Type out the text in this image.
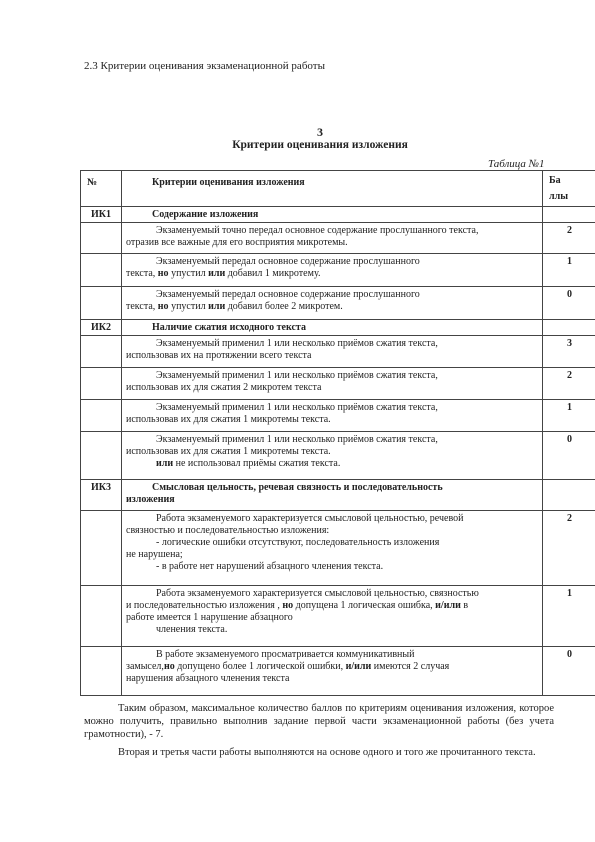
2.3 Критерии оценивания экзаменационной работы
3
Критерии оценивания изложения
Таблица №1
№	Критерии оценивания изложения	Ба
ллы
ИК1	Содержание изложения
Экзаменуемый точно передал основное содержание прослушанного текста,
отразив все важные для его восприятия микротемы.
2
Экзаменуемый передал основное содержание прослушанного
текста, но упустил или добавил 1 микротему.
1
Экзаменуемый передал основное содержание прослушанного
текста, но упустил или добавил более 2 микротем.
0
ИК2	Наличие сжатия исходного текста
Экзаменуемый применил 1 или несколько приёмов сжатия текста,
использовав их на протяжении всего текста
3
Экзаменуемый применил 1 или несколько приёмов сжатия текста,
использовав их для сжатия 2 микротем текста
2
Экзаменуемый применил 1 или несколько приёмов сжатия текста,
использовав их для сжатия 1 микротемы текста.
1
Экзаменуемый применил 1 или несколько приёмов сжатия текста,
использовав их для сжатия 1 микротемы текста.
или не использовал приёмы сжатия текста.
0
ИК3	Смысловая цельность, речевая связность и последовательность
изложения
Работа экзаменуемого характеризуется смысловой цельностью, речевой
связностью и последовательностью изложения:
- логические ошибки отсутствуют, последовательность изложения
не нарушена;
- в работе нет нарушений абзацного членения текста.
2
Работа экзаменуемого характеризуется смысловой цельностью, связностью
и последовательностью изложения , но допущена 1 логическая ошибка, и/или в
работе имеется 1 нарушение абзацного
членения текста.
1
В работе экзаменуемого просматривается коммуникативный
замысел,но допущено более 1 логической ошибки, и/или имеются 2 случая
нарушения абзацного членения текста
0
Таким образом, максимальное количество баллов по критериям оценивания изложения, которое можно получить, правильно выполнив задание первой части экзаменационной работы (без учета грамотности), - 7.
Вторая и третья части работы выполняются на основе одного и того же прочитанного текста.
